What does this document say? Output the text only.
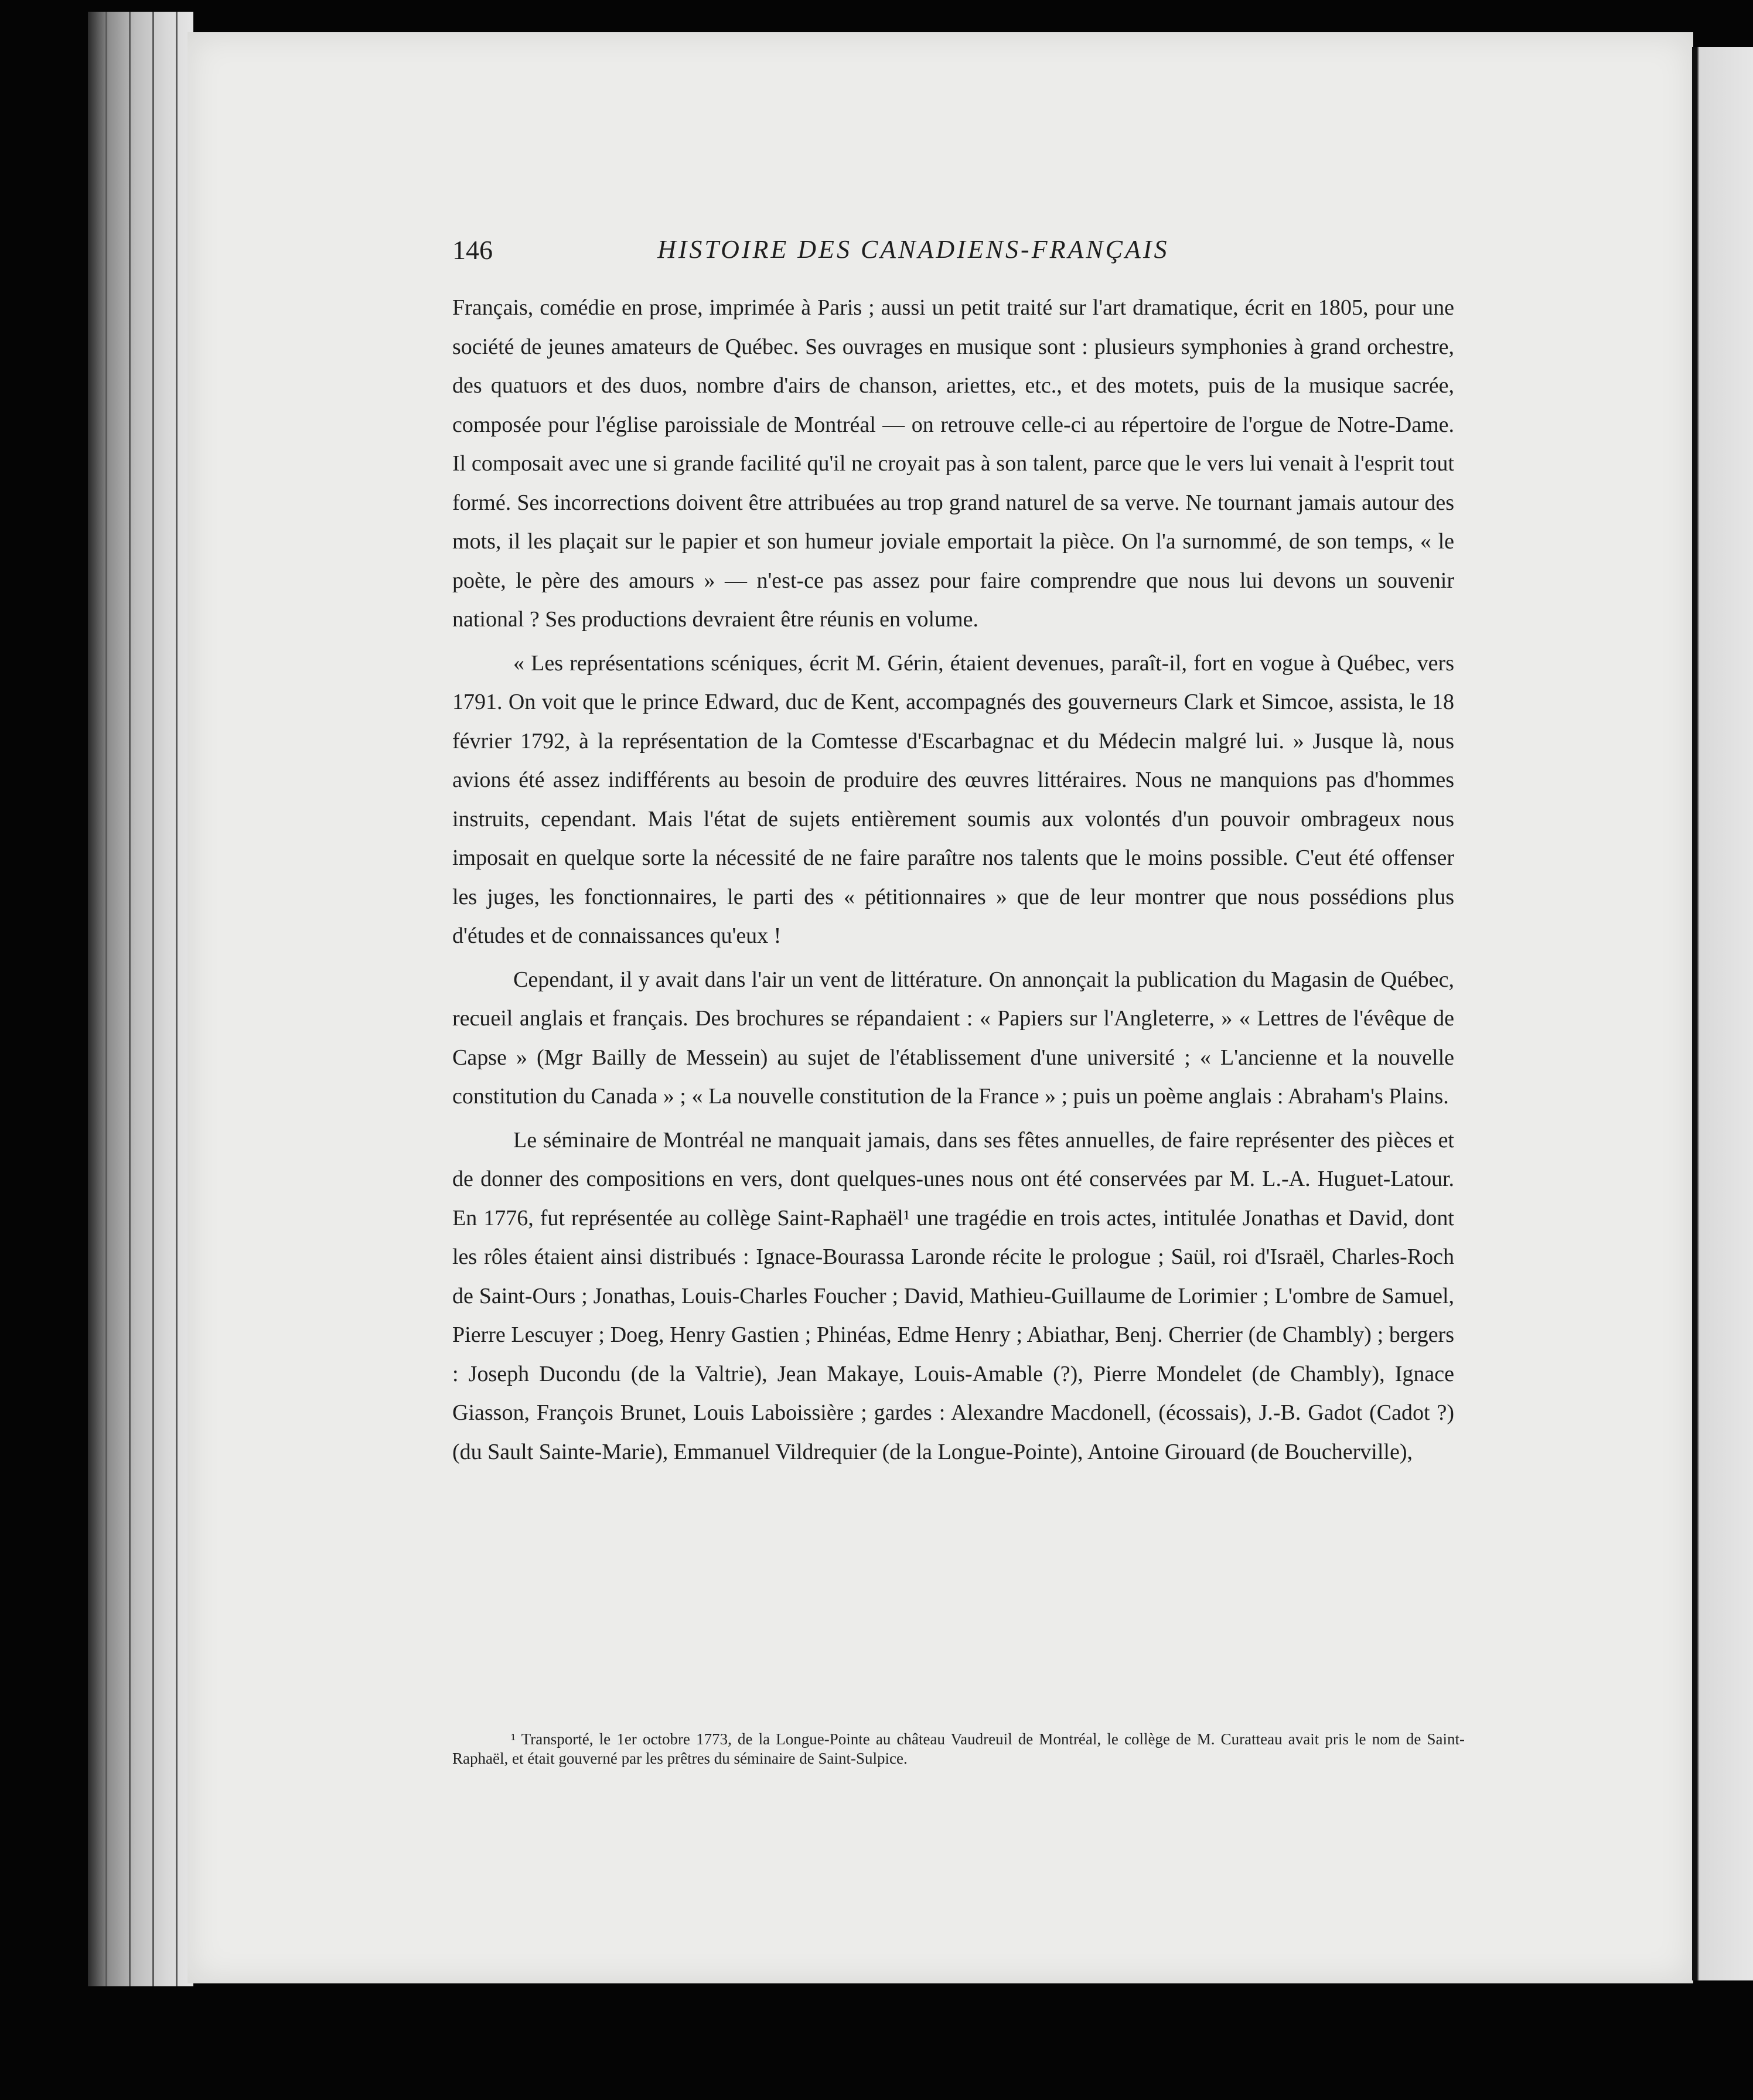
146	HISTOIRE DES CANADIENS-FRANÇAIS

Français, comédie en prose, imprimée à Paris ; aussi un petit traité sur l'art dramatique, écrit en 1805, pour une société de jeunes amateurs de Québec. Ses ouvrages en musique sont : plusieurs symphonies à grand orchestre, des quatuors et des duos, nombre d'airs de chanson, ariettes, etc., et des motets, puis de la musique sacrée, composée pour l'église paroissiale de Montréal — on retrouve celle-ci au répertoire de l'orgue de Notre-Dame. Il composait avec une si grande facilité qu'il ne croyait pas à son talent, parce que le vers lui venait à l'esprit tout formé. Ses incorrections doivent être attribuées au trop grand naturel de sa verve. Ne tournant jamais autour des mots, il les plaçait sur le papier et son humeur joviale emportait la pièce. On l'a surnommé, de son temps, « le poète, le père des amours » — n'est-ce pas assez pour faire comprendre que nous lui devons un souvenir national ? Ses productions devraient être réunis en volume.

« Les représentations scéniques, écrit M. Gérin, étaient devenues, paraît-il, fort en vogue à Québec, vers 1791. On voit que le prince Edward, duc de Kent, accompagnés des gouverneurs Clark et Simcoe, assista, le 18 février 1792, à la représentation de la Comtesse d'Escarbagnac et du Médecin malgré lui. » Jusque là, nous avions été assez indifférents au besoin de produire des œuvres littéraires. Nous ne manquions pas d'hommes instruits, cependant. Mais l'état de sujets entièrement soumis aux volontés d'un pouvoir ombrageux nous imposait en quelque sorte la nécessité de ne faire paraître nos talents que le moins possible. C'eut été offenser les juges, les fonctionnaires, le parti des « pétitionnaires » que de leur montrer que nous possédions plus d'études et de connaissances qu'eux !

Cependant, il y avait dans l'air un vent de littérature. On annonçait la publication du Magasin de Québec, recueil anglais et français. Des brochures se répandaient : « Papiers sur l'Angleterre, » « Lettres de l'évêque de Capse » (Mgr Bailly de Messein) au sujet de l'établissement d'une université ; « L'ancienne et la nouvelle constitution du Canada » ; « La nouvelle constitution de la France » ; puis un poème anglais : Abraham's Plains.

Le séminaire de Montréal ne manquait jamais, dans ses fêtes annuelles, de faire représenter des pièces et de donner des compositions en vers, dont quelques-unes nous ont été conservées par M. L.-A. Huguet-Latour. En 1776, fut représentée au collège Saint-Raphaël¹ une tragédie en trois actes, intitulée Jonathas et David, dont les rôles étaient ainsi distribués : Ignace-Bourassa Laronde récite le prologue ; Saül, roi d'Israël, Charles-Roch de Saint-Ours ; Jonathas, Louis-Charles Foucher ; David, Mathieu-Guillaume de Lorimier ; L'ombre de Samuel, Pierre Lescuyer ; Doeg, Henry Gastien ; Phinéas, Edme Henry ; Abiathar, Benj. Cherrier (de Chambly) ; bergers : Joseph Ducondu (de la Valtrie), Jean Makaye, Louis-Amable (?), Pierre Mondelet (de Chambly), Ignace Giasson, François Brunet, Louis Laboissière ; gardes : Alexandre Macdonell, (écossais), J.-B. Gadot (Cadot ?) (du Sault Sainte-Marie), Emmanuel Vildrequier (de la Longue-Pointe), Antoine Girouard (de Boucherville),

¹ Transporté, le 1er octobre 1773, de la Longue-Pointe au château Vaudreuil de Montréal, le collège de M. Curatteau avait pris le nom de Saint-Raphaël, et était gouverné par les prêtres du séminaire de Saint-Sulpice.
